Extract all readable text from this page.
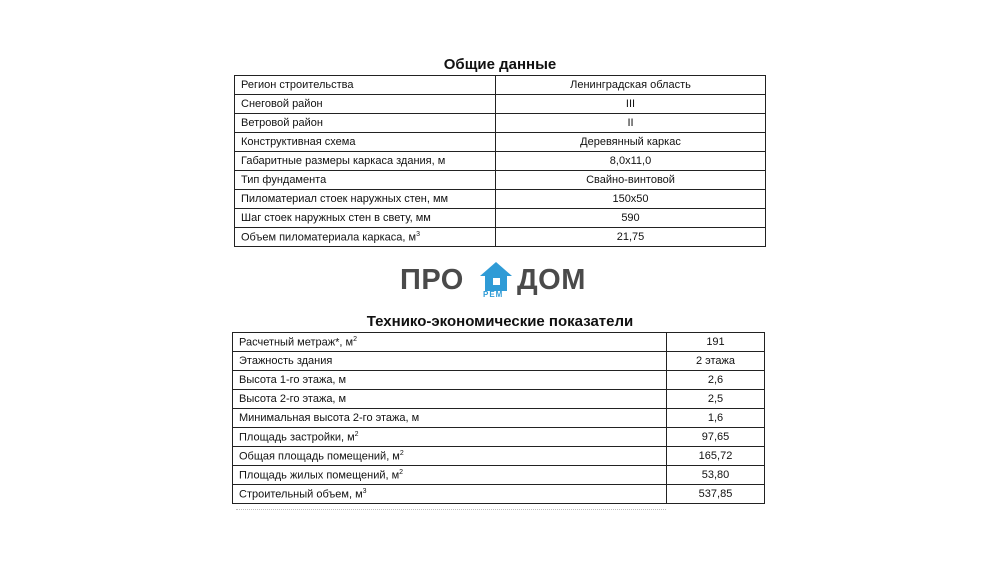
Общие данные
Регион строительства	Ленинградская область
Снеговой район	III
Ветровой район	II
Конструктивная схема	Деревянный каркас
Габаритные размеры каркаса здания, м	8,0x11,0
Тип фундамента	Свайно-винтовой
Пиломатериал стоек наружных стен, мм	150x50
Шаг стоек наружных стен в свету, мм	590
Объем пиломатериала каркаса, $м^3$	21,75
ПРО РЕМ ДОМ
Технико-экономические показатели
Расчетный метраж*, $м^2$	191
Этажность здания	2 этажа
Высота 1-го этажа, м	2,6
Высота 2-го этажа, м	2,5
Минимальная высота 2-го этажа, м	1,6
Площадь застройки, $м^2$	97,65
Общая площадь помещений, $м^2$	165,72
Площадь жилых помещений, $м^2$	53,80
Строительный объем, $м^3$	537,85
